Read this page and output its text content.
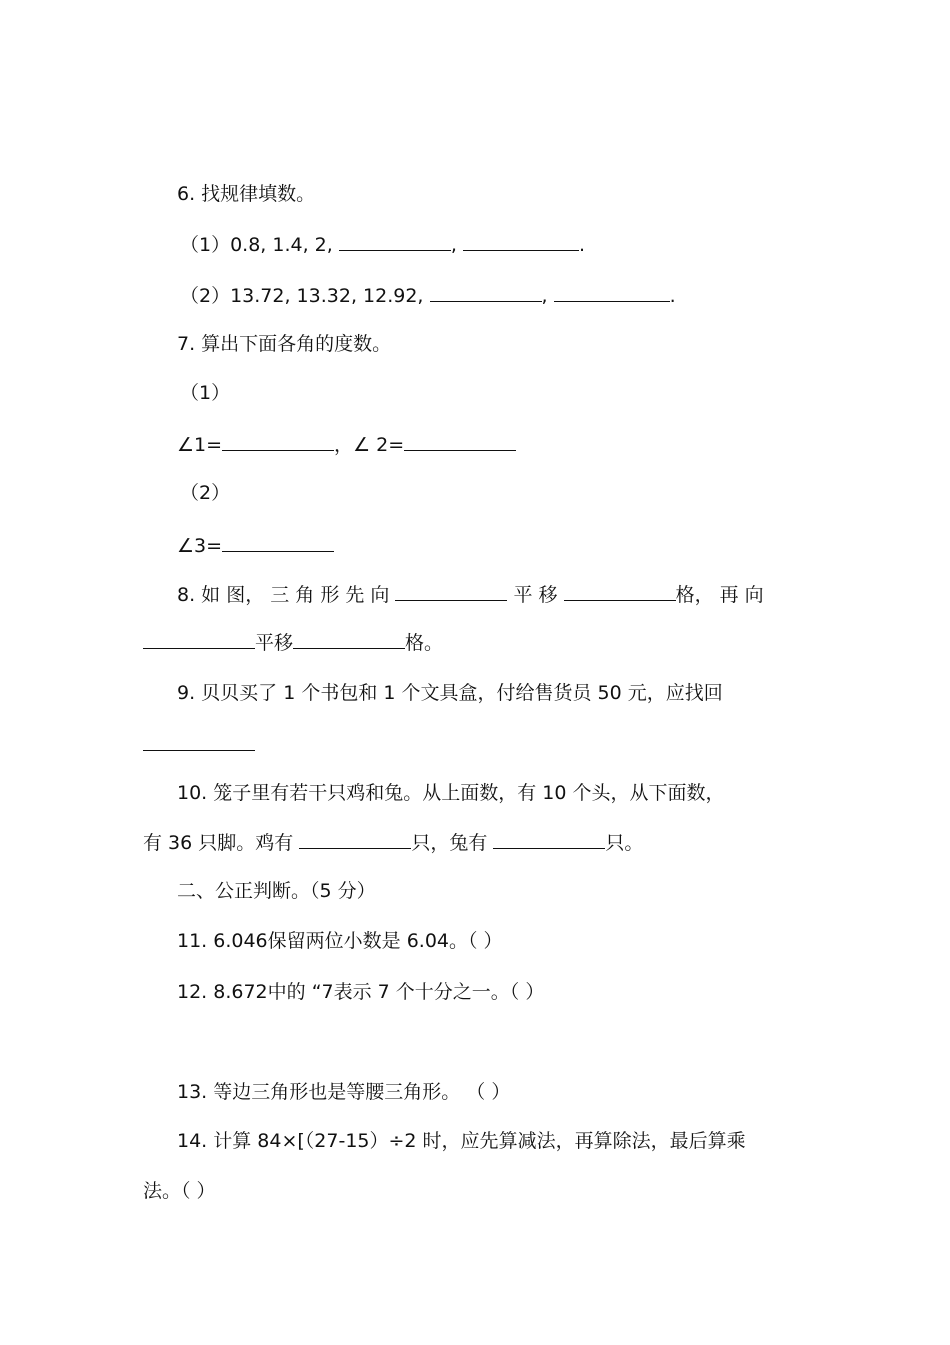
6. 找规律填数。
（1）0.8, 1.4, 2,	,	.
（2）13.72, 13.32, 12.92,	,	.
7. 算出下面各角的度数。
（1）
∠1=	，∠ 2=
（2）
∠3=
8. 如 图， 三 角 形 先 向	平 移	格， 再 向
平移	格。
9. 贝贝买了 1 个书包和 1 个文具盒，付给售货员 50 元，应找回
10. 笼子里有若干只鸡和兔。从上面数，有 10 个头，从下面数，
有 36 只脚。鸡有	只，兔有	只。
二、公正判断。（5 分）
11. 6.046保留两位小数是 6.04。（ ）
12. 8.672中的 “7表示 7 个十分之一。（ ）
13. 等边三角形也是等腰三角形。 （ ）
14. 计算 84×[（27-15）÷2 时，应先算减法，再算除法，最后算乘
法。（ ）
